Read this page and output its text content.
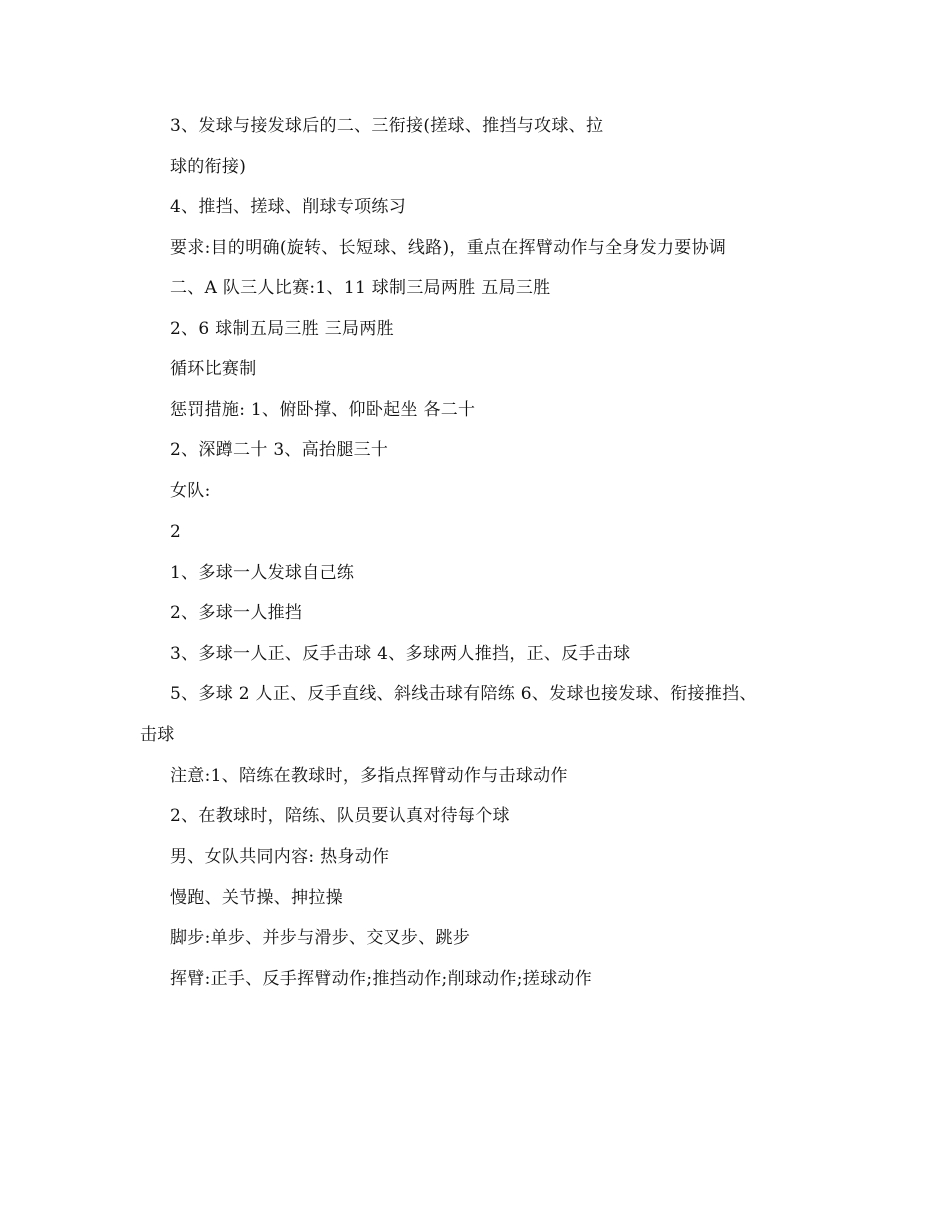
3、发球与接发球后的二、三衔接(搓球、推挡与攻球、拉
球的衔接)
4、推挡、搓球、削球专项练习
要求:目的明确(旋转、长短球、线路)，重点在挥臂动作与全身发力要协调
二、A 队三人比赛:1、11 球制三局两胜 五局三胜
2、6 球制五局三胜 三局两胜
循环比赛制
惩罚措施: 1、俯卧撑、仰卧起坐 各二十
2、深蹲二十 3、高抬腿三十
女队:
2
1、多球一人发球自己练
2、多球一人推挡
3、多球一人正、反手击球 4、多球两人推挡，正、反手击球
5、多球 2 人正、反手直线、斜线击球有陪练 6、发球也接发球、衔接推挡、
击球
注意:1、陪练在教球时，多指点挥臂动作与击球动作
2、在教球时，陪练、队员要认真对待每个球
男、女队共同内容: 热身动作
慢跑、关节操、抻拉操
脚步:单步、并步与滑步、交叉步、跳步
挥臂:正手、反手挥臂动作;推挡动作;削球动作;搓球动作
